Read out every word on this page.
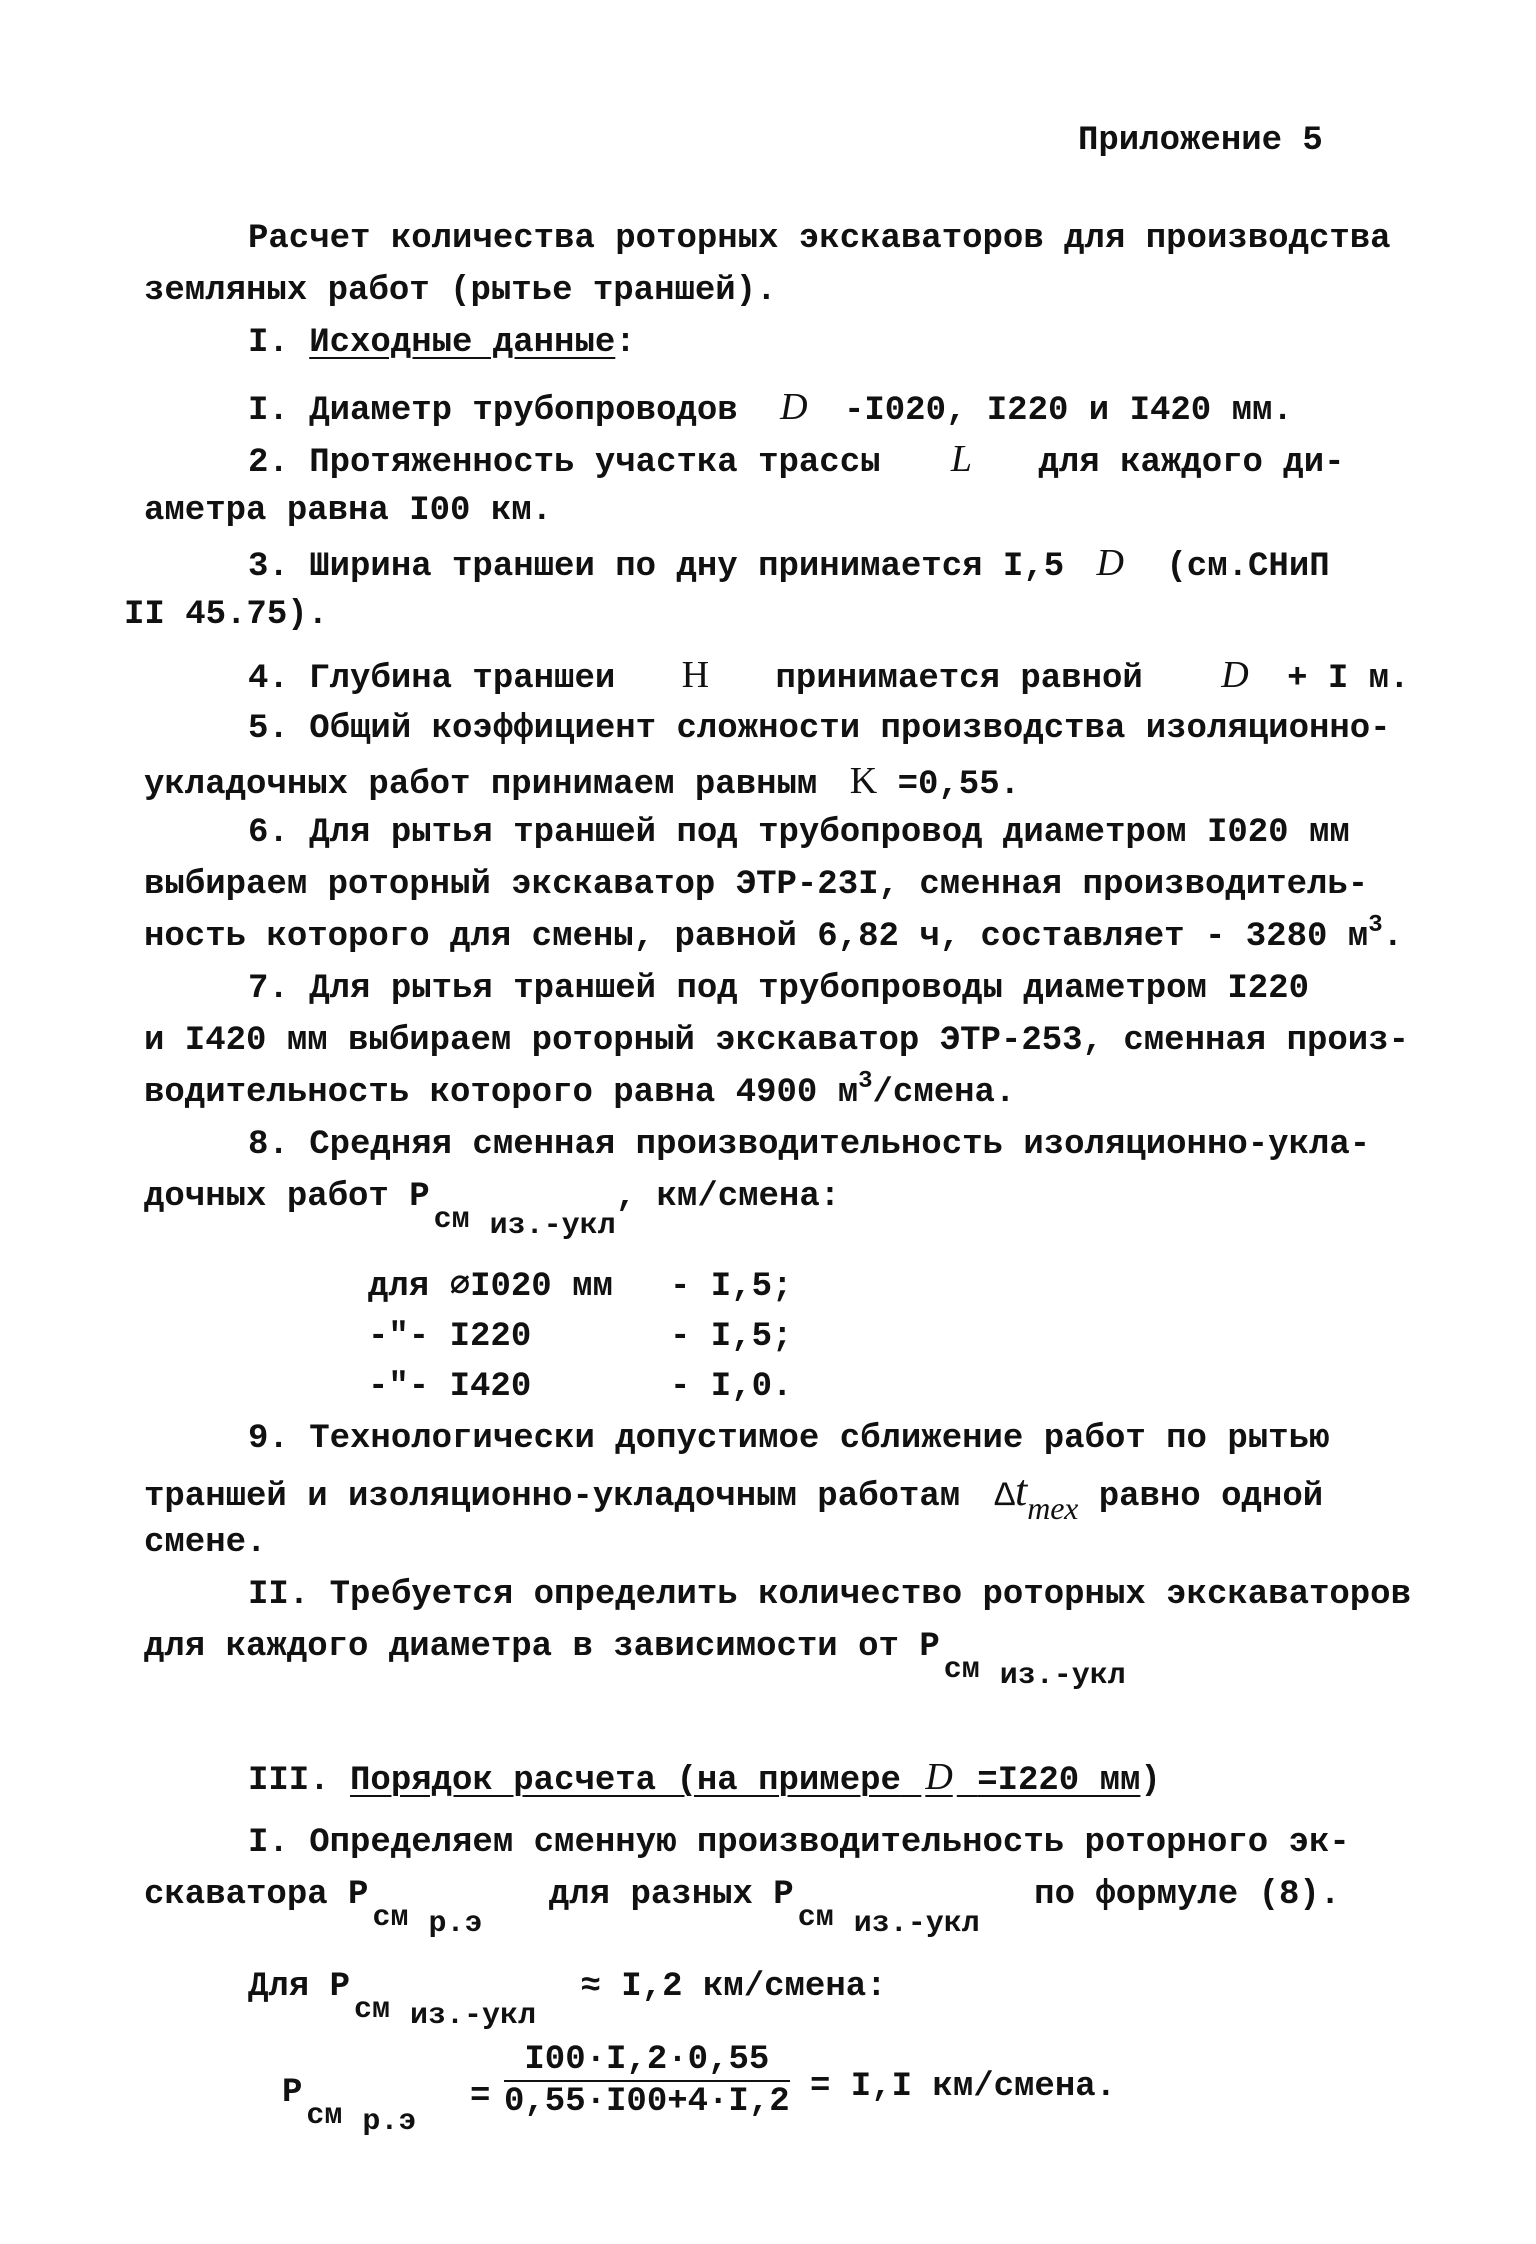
Приложение 5
Расчет количества роторных экскаваторов для производства
земляных работ (рытье траншей).
I. Исходные данные:
I. Диаметр трубопроводов D -I020, I220 и I420 мм.
2. Протяженность участка трассы L для каждого ди-
аметра равна I00 км.
3. Ширина траншеи по дну принимается I,5 D (см.СНиП
II 45.75).
4. Глубина траншеи H принимается равной D + I м.
5. Общий коэффициент сложности производства изоляционно-
укладочных работ принимаем равным K =0,55.
6. Для рытья траншей под трубопровод диаметром I020 мм
выбираем роторный экскаватор ЭТР-23I, сменная производитель-
ность которого для смены, равной 6,82 ч, составляет - 3280 $м^3$.
7. Для рытья траншей под трубопроводы диаметром I220
и I420 мм выбираем роторный экскаватор ЭТР-253, сменная произ-
водительность которого равна 4900 $м^3$/смена.
8. Средняя сменная производительность изоляционно-укла-
дочных работ Рсм из.-укл, км/смена:
для ⌀I020 мм - I,5;
-"- I220	- I,5;
-"- I420	- I,0.
9. Технологически допустимое сближение работ по рытью
траншей и изоляционно-укладочным работам Δtтех равно одной
смене.
II. Требуется определить количество роторных экскаваторов
для каждого диаметра в зависимости от Рсм из.-укл
III. Порядок расчета (на примере D =I220 мм)
I. Определяем сменную производительность роторного эк-
скаватора Рсм р.э для разных Рсм из.-укл по формуле (8).
Для Рсм из.-укл ≈ I,2 км/смена:
Рсм р.э
= $\frac{I00\cdot I,2\cdot 0,55}{0,55\cdot I00+4\cdot I,2} = I,I$ км/смена.
